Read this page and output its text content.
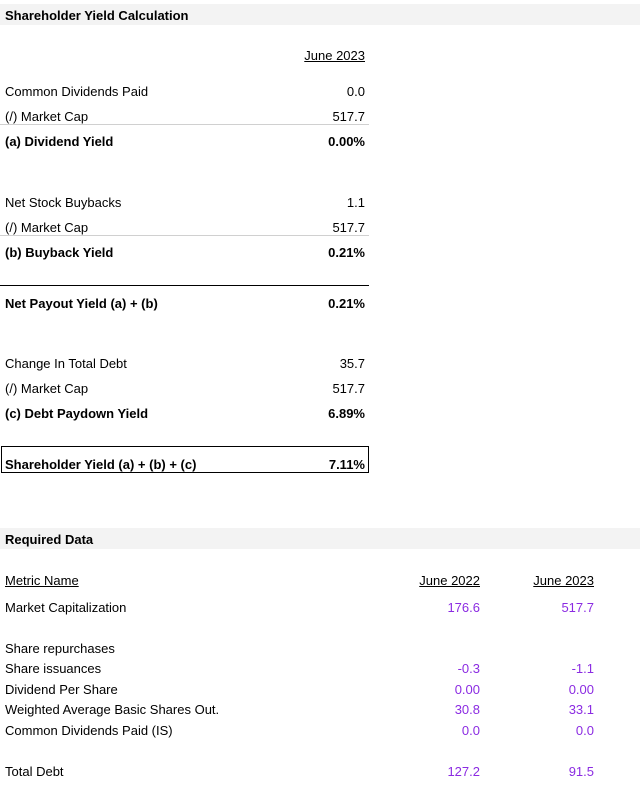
Shareholder Yield Calculation
June 2023
Common Dividends Paid	0.0
(/) Market Cap	517.7
(a) Dividend Yield	0.00%
Net Stock Buybacks	1.1
(/) Market Cap	517.7
(b) Buyback Yield	0.21%
Net Payout Yield (a) + (b)	0.21%
Change In Total Debt	35.7
(/) Market Cap	517.7
(c) Debt Paydown Yield	6.89%
Shareholder Yield (a) + (b) + (c)	7.11%
Required Data
Metric Name	June 2022	June 2023
Market Capitalization	176.6	517.7
Share repurchases
Share issuances	-0.3	-1.1
Dividend Per Share	0.00	0.00
Weighted Average Basic Shares Out.	30.8	33.1
Common Dividends Paid (IS)	0.0	0.0
Total Debt	127.2	91.5
